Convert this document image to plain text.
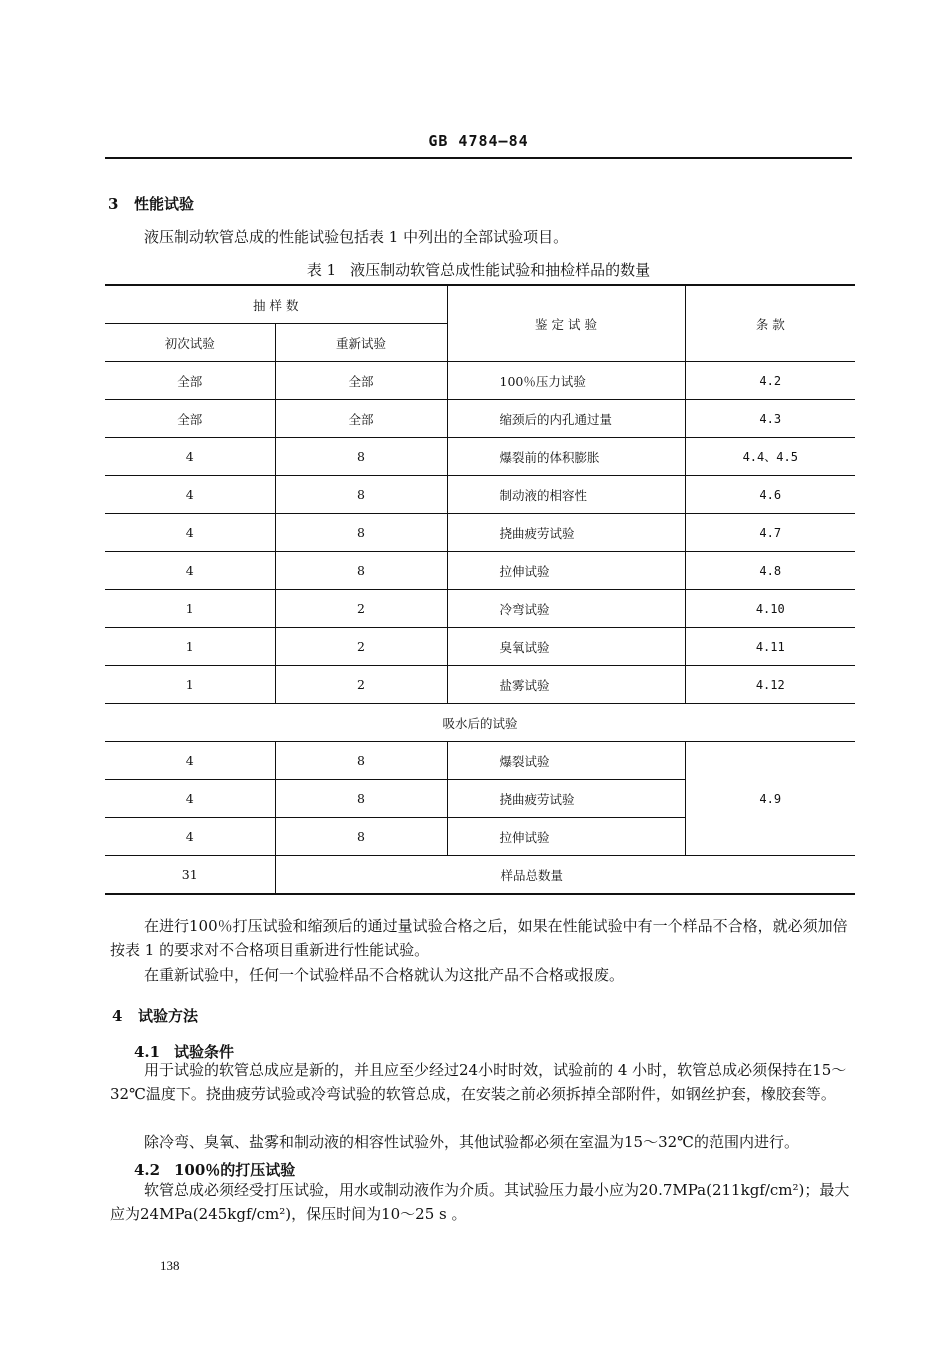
GB 4784—84
3 性能试验
液压制动软管总成的性能试验包括表 1 中列出的全部试验项目。
表 1 液压制动软管总成性能试验和抽检样品的数量
抽 样 数		鉴 定 试 验	条 款
初次试验	重新试验		
全部	全部	100％压力试验	4.2
全部	全部	缩颈后的内孔通过量	4.3
4	8	爆裂前的体积膨胀	4.4、4.5
4	8	制动液的相容性	4.6
4	8	挠曲疲劳试验	4.7
4	8	拉伸试验	4.8
1	2	冷弯试验	4.10
1	2	臭氧试验	4.11
1	2	盐雾试验	4.12
吸水后的试验			
4	8	爆裂试验	4.9
4	8	挠曲疲劳试验	
4	8	拉伸试验	
31	样品总数量		
在进行100％打压试验和缩颈后的通过量试验合格之后，如果在性能试验中有一个样品不合格，就必须加倍按表 1 的要求对不合格项目重新进行性能试验。
在重新试验中，任何一个试验样品不合格就认为这批产品不合格或报废。
4 试验方法
4.1 试验条件
用于试验的软管总成应是新的，并且应至少经过24小时时效，试验前的 4 小时，软管总成必须保持在15～32℃温度下。挠曲疲劳试验或冷弯试验的软管总成，在安装之前必须拆掉全部附件，如钢丝护套，橡胶套等。
除冷弯、臭氧、盐雾和制动液的相容性试验外，其他试验都必须在室温为15～32℃的范围内进行。
4.2 100％的打压试验
软管总成必须经受打压试验，用水或制动液作为介质。其试验压力最小应为20.7MPa(211kgf/cm²)；最大应为24MPa(245kgf/cm²)，保压时间为10～25 s 。
138
